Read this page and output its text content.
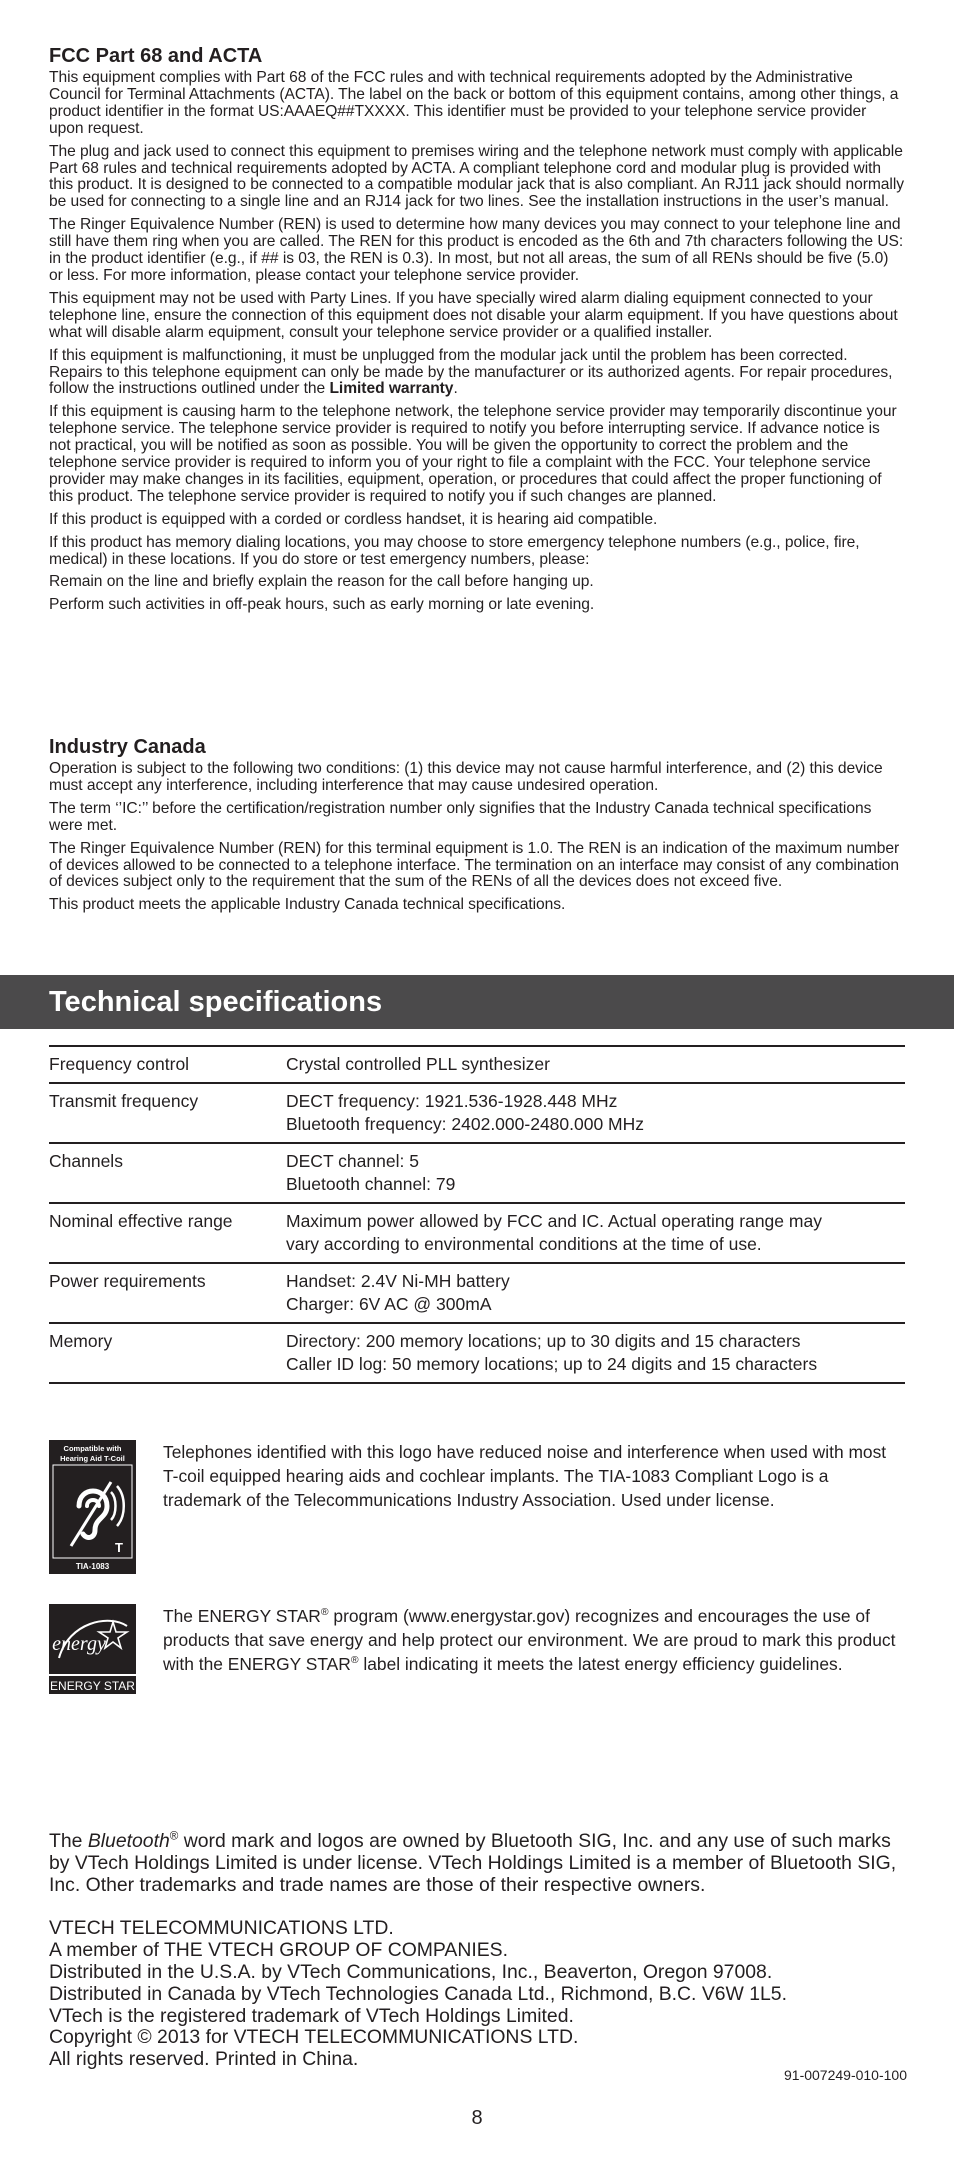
FCC Part 68 and ACTA

This equipment complies with Part 68 of the FCC rules and with technical requirements adopted by the Administrative Council for Terminal Attachments (ACTA). The label on the back or bottom of this equipment contains, among other things, a product identifier in the format US:AAAEQ##TXXXX. This identifier must be provided to your telephone service provider upon request.

The plug and jack used to connect this equipment to premises wiring and the telephone network must comply with applicable Part 68 rules and technical requirements adopted by ACTA. A compliant telephone cord and modular plug is provided with this product. It is designed to be connected to a compatible modular jack that is also compliant. An RJ11 jack should normally be used for connecting to a single line and an RJ14 jack for two lines. See the installation instructions in the user’s manual.

The Ringer Equivalence Number (REN) is used to determine how many devices you may connect to your telephone line and still have them ring when you are called. The REN for this product is encoded as the 6th and 7th characters following the US: in the product identifier (e.g., if ## is 03, the REN is 0.3). In most, but not all areas, the sum of all RENs should be five (5.0) or less. For more information, please contact your telephone service provider.

This equipment may not be used with Party Lines. If you have specially wired alarm dialing equipment connected to your telephone line, ensure the connection of this equipment does not disable your alarm equipment. If you have questions about what will disable alarm equipment, consult your telephone service provider or a qualified installer.

If this equipment is malfunctioning, it must be unplugged from the modular jack until the problem has been corrected. Repairs to this telephone equipment can only be made by the manufacturer or its authorized agents. For repair procedures, follow the instructions outlined under the Limited warranty.

If this equipment is causing harm to the telephone network, the telephone service provider may temporarily discontinue your telephone service. The telephone service provider is required to notify you before interrupting service. If advance notice is not practical, you will be notified as soon as possible. You will be given the opportunity to correct the problem and the telephone service provider is required to inform you of your right to file a complaint with the FCC. Your telephone service provider may make changes in its facilities, equipment, operation, or procedures that could affect the proper functioning of this product. The telephone service provider is required to notify you if such changes are planned.

If this product is equipped with a corded or cordless handset, it is hearing aid compatible.

If this product has memory dialing locations, you may choose to store emergency telephone numbers (e.g., police, fire, medical) in these locations. If you do store or test emergency numbers, please:

Remain on the line and briefly explain the reason for the call before hanging up.

Perform such activities in off-peak hours, such as early morning or late evening.

Industry Canada

Operation is subject to the following two conditions: (1) this device may not cause harmful interference, and (2) this device must accept any interference, including interference that may cause undesired operation.

The term ‘’IC:’’ before the certification/registration number only signifies that the Industry Canada technical specifications were met.

The Ringer Equivalence Number (REN) for this terminal equipment is 1.0. The REN is an indication of the maximum number of devices allowed to be connected to a telephone interface. The termination on an interface may consist of any combination of devices subject only to the requirement that the sum of the RENs of all the devices does not exceed five.

This product meets the applicable Industry Canada technical specifications.

Technical specifications
Frequency control	Crystal controlled PLL synthesizer

Transmit frequency	DECT frequency: 1921.536-1928.448 MHz
Bluetooth frequency: 2402.000-2480.000 MHz

Channels	DECT channel: 5
Bluetooth channel: 79

Nominal effective range	Maximum power allowed by FCC and IC. Actual operating range may
vary according to environmental conditions at the time of use.

Power requirements	Handset: 2.4V Ni-MH battery
Charger: 6V AC @ 300mA

Memory	Directory: 200 memory locations; up to 30 digits and 15 characters
Caller ID log: 50 memory locations; up to 24 digits and 15 characters
Compatible with
Hearing Aid T-Coil
T
TIA-1083
Telephones identified with this logo have reduced noise and interference when used with most T-coil equipped hearing aids and cochlear implants. The TIA-1083 Compliant Logo is a trademark of the Telecommunications Industry Association. Used under license.
energy
ENERGY STAR
The ENERGY STAR® program (www.energystar.gov) recognizes and encourages the use of products that save energy and help protect our environment. We are proud to mark this product with the ENERGY STAR® label indicating it meets the latest energy efficiency guidelines.

The Bluetooth® word mark and logos are owned by Bluetooth SIG, Inc. and any use of such marks by VTech Holdings Limited is under license. VTech Holdings Limited is a member of Bluetooth SIG, Inc. Other trademarks and trade names are those of their respective owners.

VTECH TELECOMMUNICATIONS LTD.
A member of THE VTECH GROUP OF COMPANIES.
Distributed in the U.S.A. by VTech Communications, Inc., Beaverton, Oregon 97008.
Distributed in Canada by VTech Technologies Canada Ltd., Richmond, B.C. V6W 1L5.
VTech is the registered trademark of VTech Holdings Limited.
Copyright © 2013 for VTECH TELECOMMUNICATIONS LTD.
All rights reserved. Printed in China.
91-007249-010-100
8
